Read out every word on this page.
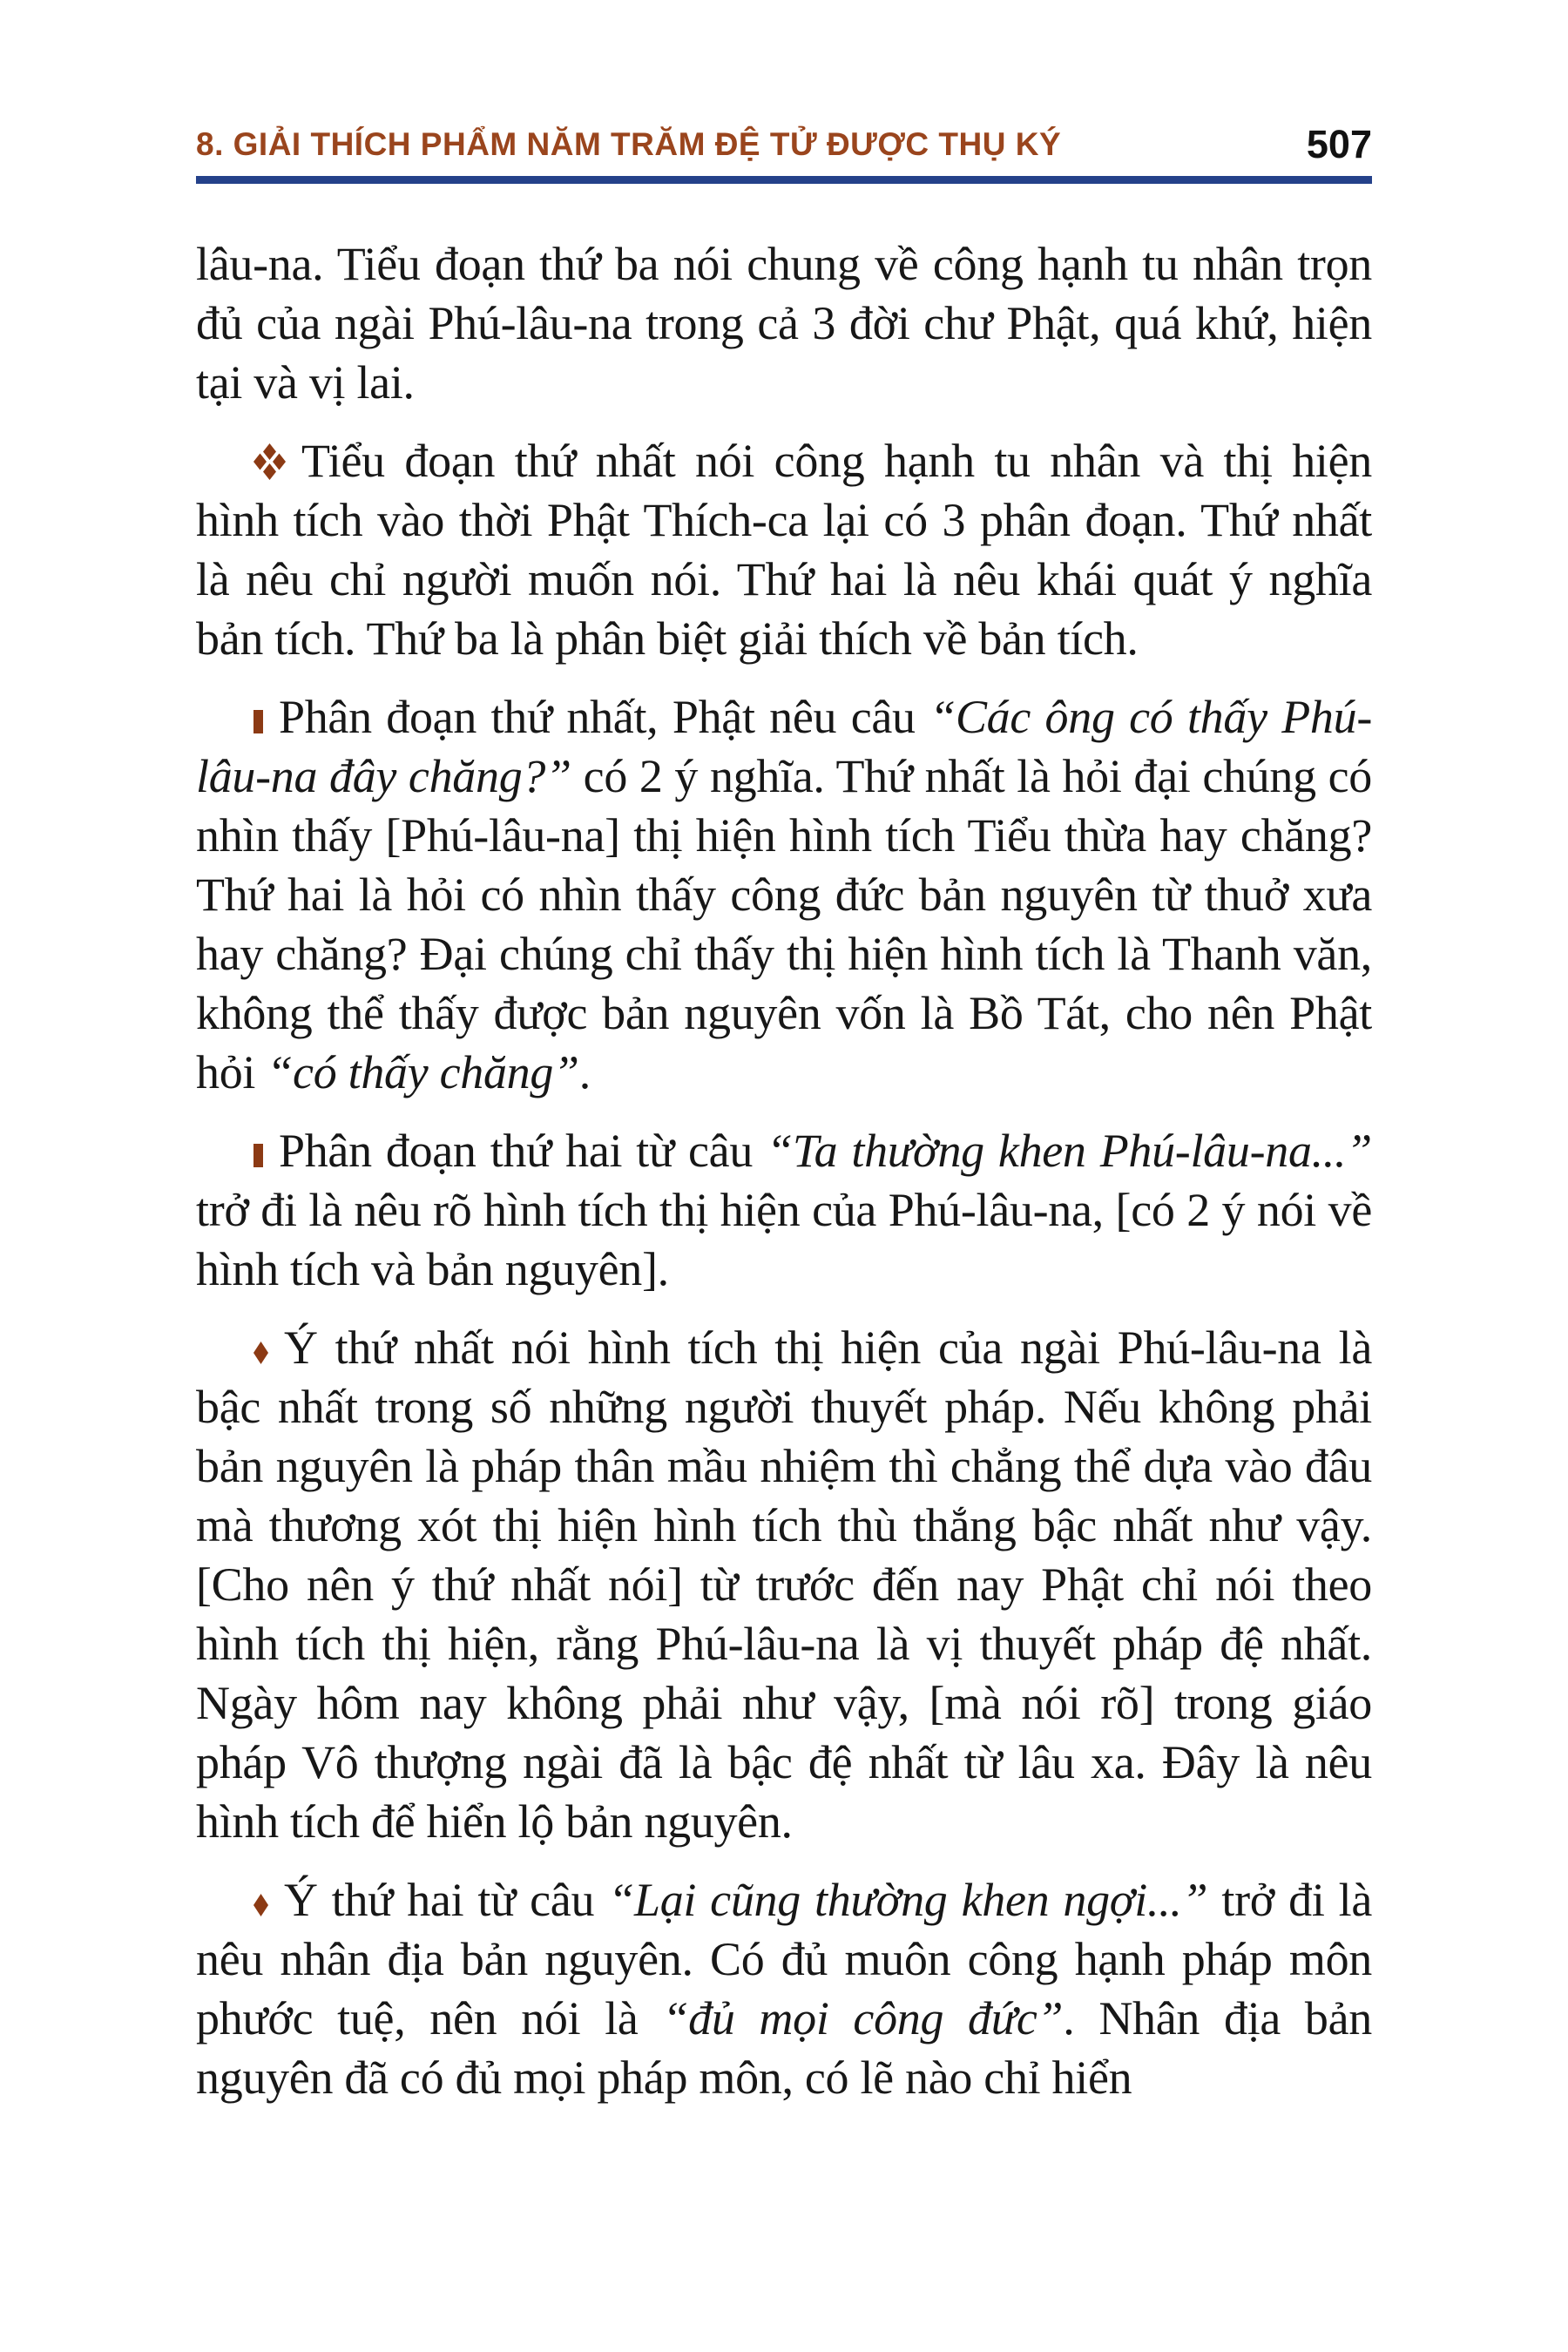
8. GIẢI THÍCH PHẨM NĂM TRĂM ĐỆ TỬ ĐƯỢC THỤ KÝ	507

lâu-na. Tiểu đoạn thứ ba nói chung về công hạnh tu nhân trọn đủ của ngài Phú-lâu-na trong cả 3 đời chư Phật, quá khứ, hiện tại và vị lai.

Tiểu đoạn thứ nhất nói công hạnh tu nhân và thị hiện hình tích vào thời Phật Thích-ca lại có 3 phân đoạn. Thứ nhất là nêu chỉ người muốn nói. Thứ hai là nêu khái quát ý nghĩa bản tích. Thứ ba là phân biệt giải thích về bản tích.

Phân đoạn thứ nhất, Phật nêu câu “Các ông có thấy Phú-lâu-na đây chăng?” có 2 ý nghĩa. Thứ nhất là hỏi đại chúng có nhìn thấy [Phú-lâu-na] thị hiện hình tích Tiểu thừa hay chăng? Thứ hai là hỏi có nhìn thấy công đức bản nguyên từ thuở xưa hay chăng? Đại chúng chỉ thấy thị hiện hình tích là Thanh văn, không thể thấy được bản nguyên vốn là Bồ Tát, cho nên Phật hỏi “có thấy chăng”.

Phân đoạn thứ hai từ câu “Ta thường khen Phú-lâu-na...” trở đi là nêu rõ hình tích thị hiện của Phú-lâu-na, [có 2 ý nói về hình tích và bản nguyên].

Ý thứ nhất nói hình tích thị hiện của ngài Phú-lâu-na là bậc nhất trong số những người thuyết pháp. Nếu không phải bản nguyên là pháp thân mầu nhiệm thì chẳng thể dựa vào đâu mà thương xót thị hiện hình tích thù thắng bậc nhất như vậy. [Cho nên ý thứ nhất nói] từ trước đến nay Phật chỉ nói theo hình tích thị hiện, rằng Phú-lâu-na là vị thuyết pháp đệ nhất. Ngày hôm nay không phải như vậy, [mà nói rõ] trong giáo pháp Vô thượng ngài đã là bậc đệ nhất từ lâu xa. Đây là nêu hình tích để hiển lộ bản nguyên.

Ý thứ hai từ câu “Lại cũng thường khen ngợi...” trở đi là nêu nhân địa bản nguyên. Có đủ muôn công hạnh pháp môn phước tuệ, nên nói là “đủ mọi công đức”. Nhân địa bản nguyên đã có đủ mọi pháp môn, có lẽ nào chỉ hiển
